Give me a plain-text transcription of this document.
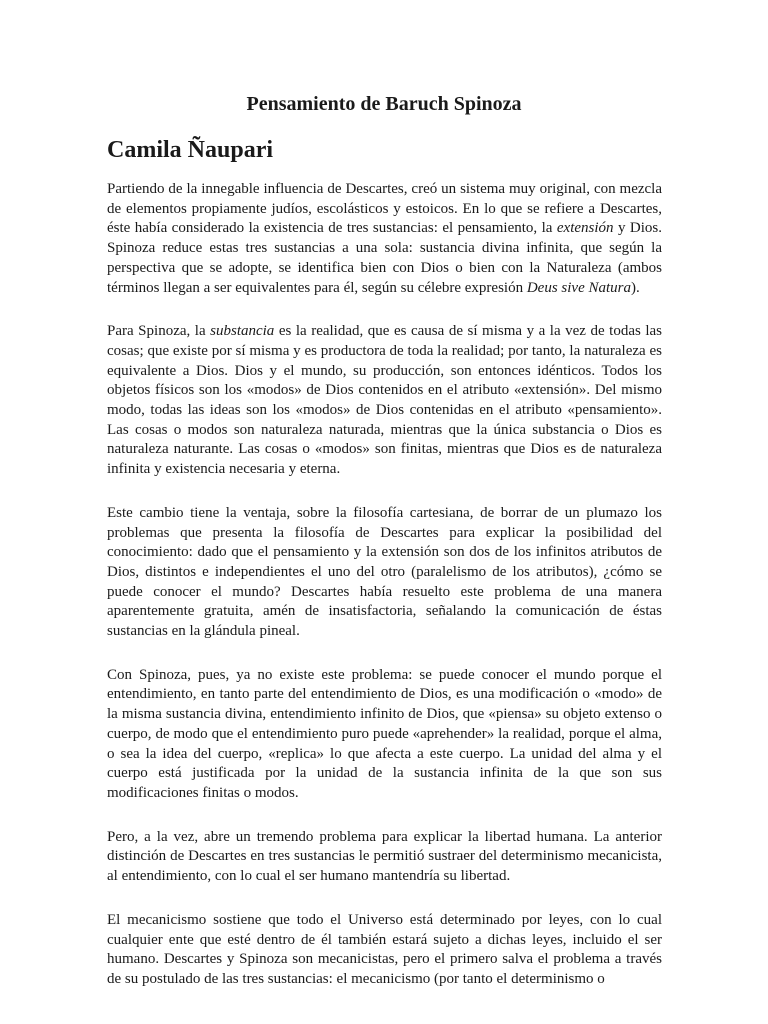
Pensamiento de Baruch Spinoza
Camila Ñaupari

Partiendo de la innegable influencia de Descartes, creó un sistema muy original, con mezcla de elementos propiamente judíos, escolásticos y estoicos. En lo que se refiere a Descartes, éste había considerado la existencia de tres sustancias: el pensamiento, la extensión y Dios. Spinoza reduce estas tres sustancias a una sola: sustancia divina infinita, que según la perspectiva que se adopte, se identifica bien con Dios o bien con la Naturaleza (ambos términos llegan a ser equivalentes para él, según su célebre expresión Deus sive Natura).

Para Spinoza, la substancia es la realidad, que es causa de sí misma y a la vez de todas las cosas; que existe por sí misma y es productora de toda la realidad; por tanto, la naturaleza es equivalente a Dios. Dios y el mundo, su producción, son entonces idénticos. Todos los objetos físicos son los «modos» de Dios contenidos en el atributo «extensión». Del mismo modo, todas las ideas son los «modos» de Dios contenidas en el atributo «pensamiento». Las cosas o modos son naturaleza naturada, mientras que la única substancia o Dios es naturaleza naturante. Las cosas o «modos» son finitas, mientras que Dios es de naturaleza infinita y existencia necesaria y eterna.

Este cambio tiene la ventaja, sobre la filosofía cartesiana, de borrar de un plumazo los problemas que presenta la filosofía de Descartes para explicar la posibilidad del conocimiento: dado que el pensamiento y la extensión son dos de los infinitos atributos de Dios, distintos e independientes el uno del otro (paralelismo de los atributos), ¿cómo se puede conocer el mundo? Descartes había resuelto este problema de una manera aparentemente gratuita, amén de insatisfactoria, señalando la comunicación de éstas sustancias en la glándula pineal.

Con Spinoza, pues, ya no existe este problema: se puede conocer el mundo porque el entendimiento, en tanto parte del entendimiento de Dios, es una modificación o «modo» de la misma sustancia divina, entendimiento infinito de Dios, que «piensa» su objeto extenso o cuerpo, de modo que el entendimiento puro puede «aprehender» la realidad, porque el alma, o sea la idea del cuerpo, «replica» lo que afecta a este cuerpo. La unidad del alma y el cuerpo está justificada por la unidad de la sustancia infinita de la que son sus modificaciones finitas o modos.

Pero, a la vez, abre un tremendo problema para explicar la libertad humana. La anterior distinción de Descartes en tres sustancias le permitió sustraer del determinismo mecanicista, al entendimiento, con lo cual el ser humano mantendría su libertad.

El mecanicismo sostiene que todo el Universo está determinado por leyes, con lo cual cualquier ente que esté dentro de él también estará sujeto a dichas leyes, incluido el ser humano. Descartes y Spinoza son mecanicistas, pero el primero salva el problema a través de su postulado de las tres sustancias: el mecanicismo (por tanto el determinismo o
